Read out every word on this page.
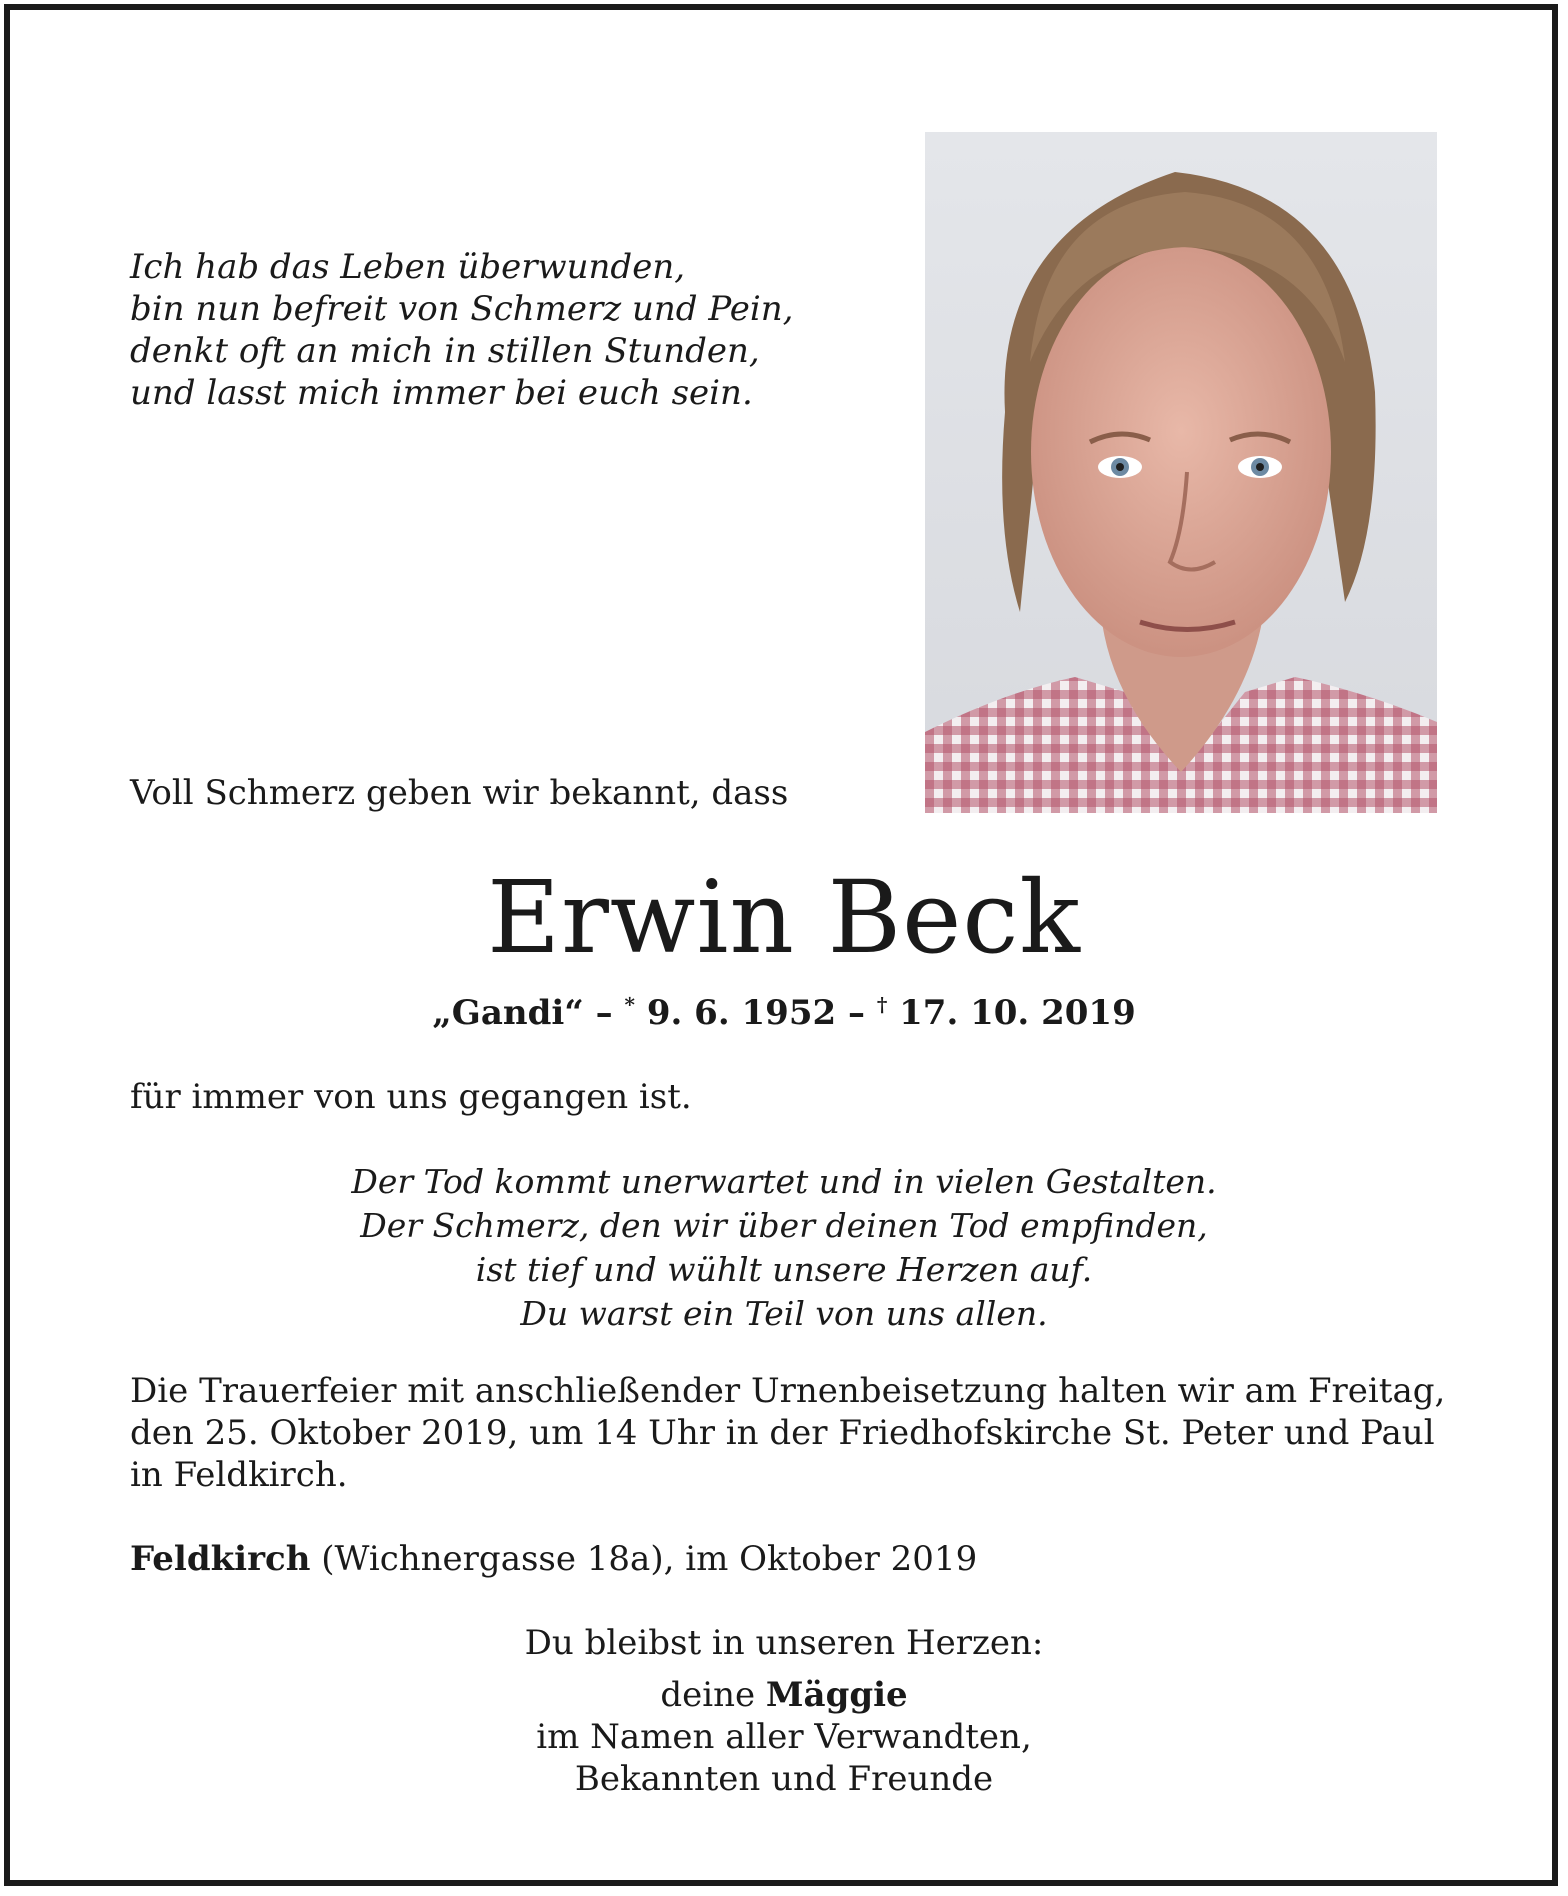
Ich hab das Leben überwunden,
bin nun befreit von Schmerz und Pein,
denkt oft an mich in stillen Stunden,
und lasst mich immer bei euch sein.
Voll Schmerz geben wir bekannt, dass
Erwin Beck
„Gandi“ – * 9. 6. 1952 – † 17. 10. 2019
für immer von uns gegangen ist.
Der Tod kommt unerwartet und in vielen Gestalten.
Der Schmerz, den wir über deinen Tod empfinden,
ist tief und wühlt unsere Herzen auf.
Du warst ein Teil von uns allen.
Die Trauerfeier mit anschließender Urnenbeisetzung halten wir am Freitag,
den 25. Oktober 2019, um 14 Uhr in der Friedhofskirche St. Peter und Paul
in Feldkirch.
Feldkirch (Wichnergasse 18a), im Oktober 2019
Du bleibst in unseren Herzen:
deine Mäggie
im Namen aller Verwandten,
Bekannten und Freunde
